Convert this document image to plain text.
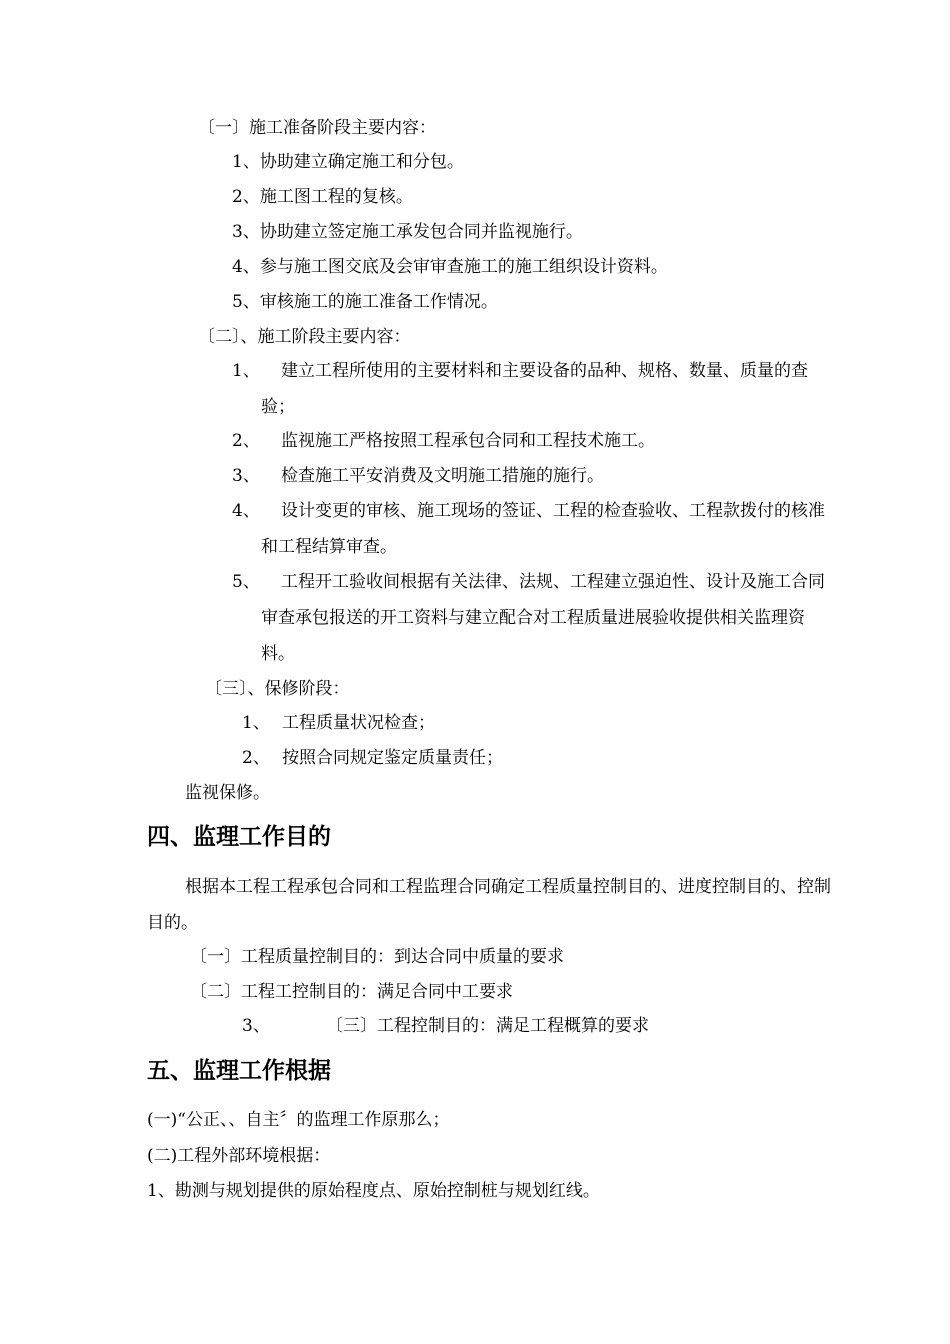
〔一〕施工准备阶段主要内容：
1、协助建立确定施工和分包。
2、施工图工程的复核。
3、协助建立签定施工承发包合同并监视施行。
4、参与施工图交底及会审审查施工的施工组织设计资料。
5、审核施工的施工准备工作情况。
〔二〕、施工阶段主要内容：
1、	建立工程所使用的主要材料和主要设备的品种、规格、数量、质量的查验；
2、	监视施工严格按照工程承包合同和工程技术施工。
3、	检查施工平安消费及文明施工措施的施行。
4、	设计变更的审核、施工现场的签证、工程的检查验收、工程款拨付的核准和工程结算审查。
5、	工程开工验收间根据有关法律、法规、工程建立强迫性、设计及施工合同审查承包报送的开工资料与建立配合对工程质量进展验收提供相关监理资料。
〔三〕、保修阶段：
1、 工程质量状况检查；
2、 按照合同规定鉴定质量责任；
监视保修。
四、监理工作目的
根据本工程工程承包合同和工程监理合同确定工程质量控制目的、进度控制目的、控制目的。
〔一〕工程质量控制目的：到达合同中质量的要求
〔二〕工程工控制目的：满足合同中工要求
3、	〔三〕工程控制目的：满足工程概算的要求
五、监理工作根据
(一)“公正、、自主〞的监理工作原那么；
(二)工程外部环境根据：
1、勘测与规划提供的原始程度点、原始控制桩与规划红线。
